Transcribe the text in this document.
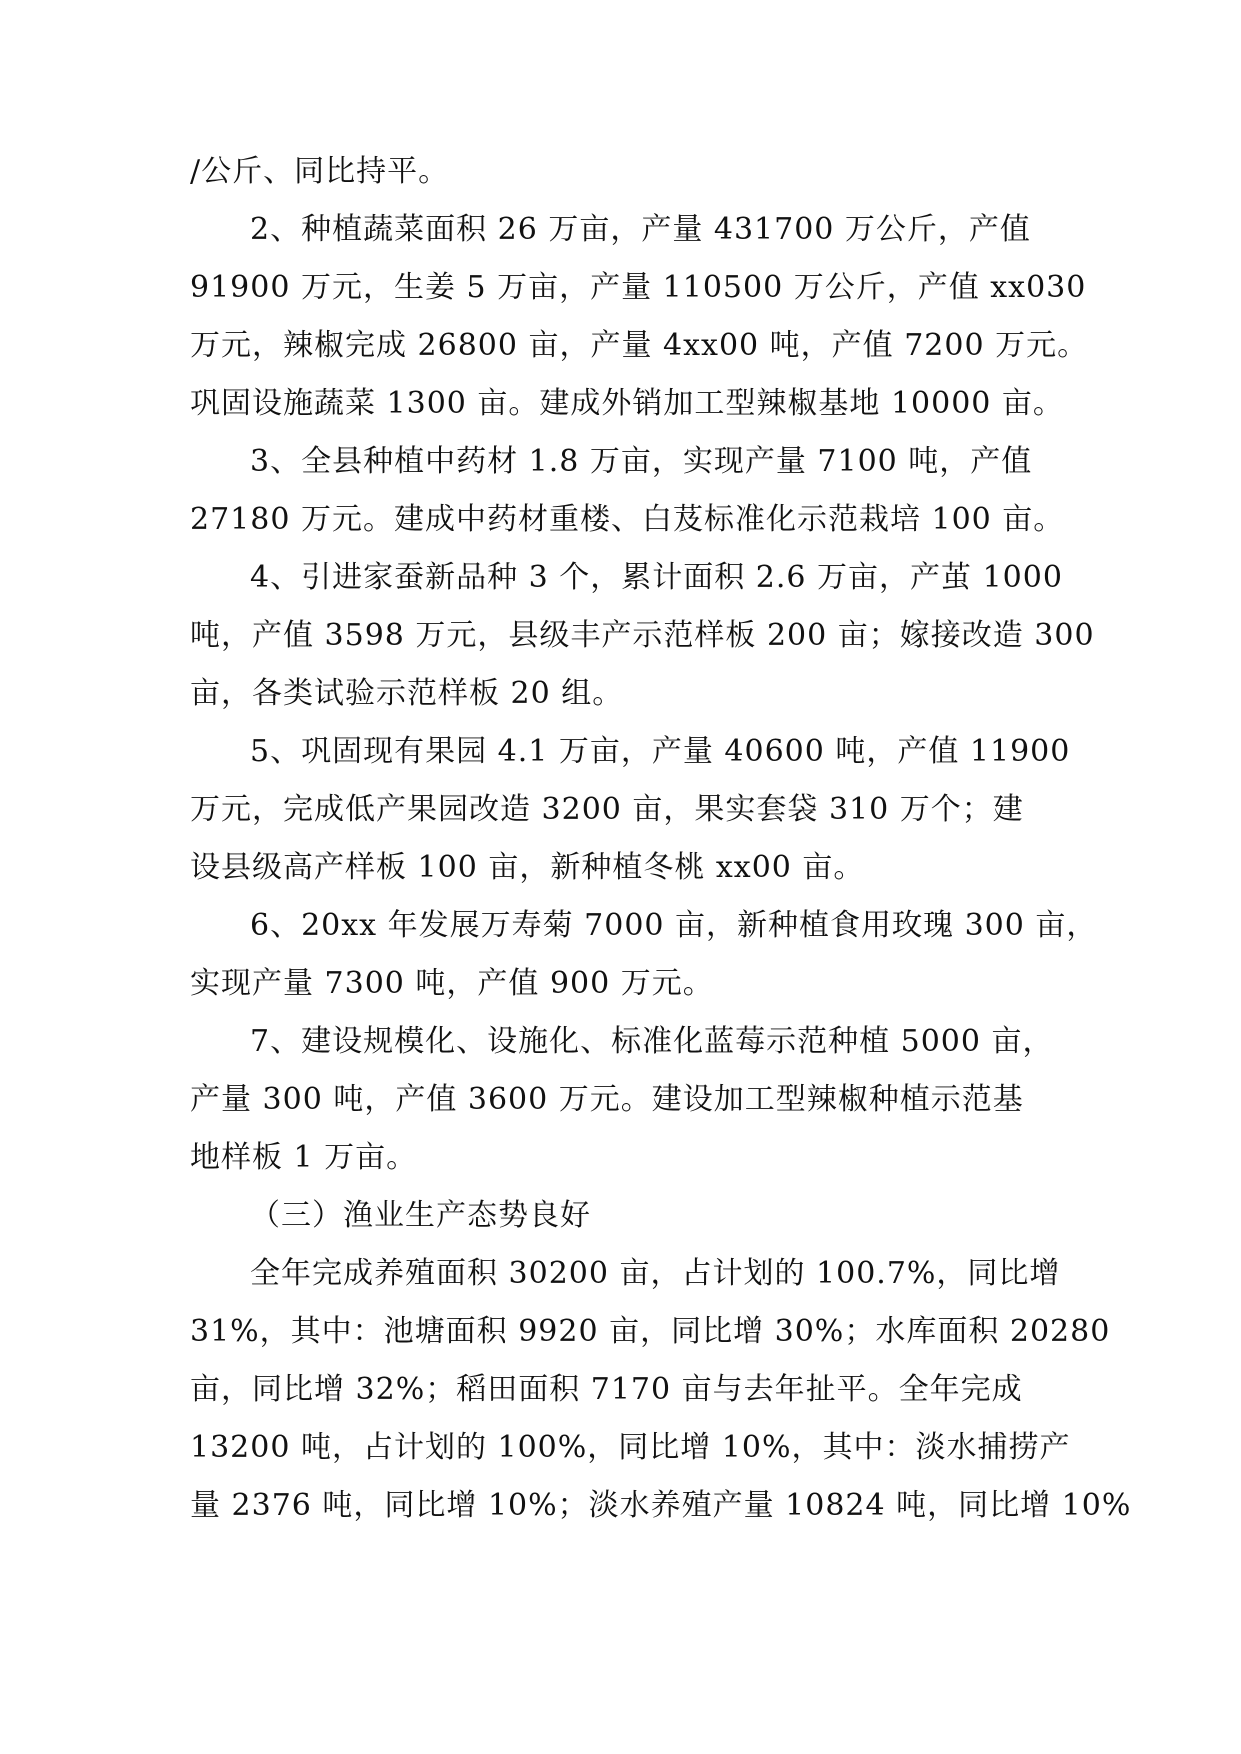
/公斤、同比持平。
2、种植蔬菜面积 26 万亩，产量 431700 万公斤，产值
91900 万元，生姜 5 万亩，产量 110500 万公斤，产值 xx030
万元，辣椒完成 26800 亩，产量 4xx00 吨，产值 7200 万元。
巩固设施蔬菜 1300 亩。建成外销加工型辣椒基地 10000 亩。
3、全县种植中药材 1.8 万亩，实现产量 7100 吨，产值
27180 万元。建成中药材重楼、白芨标准化示范栽培 100 亩。
4、引进家蚕新品种 3 个，累计面积 2.6 万亩，产茧 1000
吨，产值 3598 万元，县级丰产示范样板 200 亩；嫁接改造 300
亩，各类试验示范样板 20 组。
5、巩固现有果园 4.1 万亩，产量 40600 吨，产值 11900
万元，完成低产果园改造 3200 亩，果实套袋 310 万个；建
设县级高产样板 100 亩，新种植冬桃 xx00 亩。
6、20xx 年发展万寿菊 7000 亩，新种植食用玫瑰 300 亩，
实现产量 7300 吨，产值 900 万元。
7、建设规模化、设施化、标准化蓝莓示范种植 5000 亩，
产量 300 吨，产值 3600 万元。建设加工型辣椒种植示范基
地样板 1 万亩。
（三）渔业生产态势良好
全年完成养殖面积 30200 亩，占计划的 100.7%，同比增
31%，其中：池塘面积 9920 亩，同比增 30%；水库面积 20280
亩，同比增 32%；稻田面积 7170 亩与去年扯平。全年完成
13200 吨，占计划的 100%，同比增 10%，其中：淡水捕捞产
量 2376 吨，同比增 10%；淡水养殖产量 10824 吨，同比增 10%
